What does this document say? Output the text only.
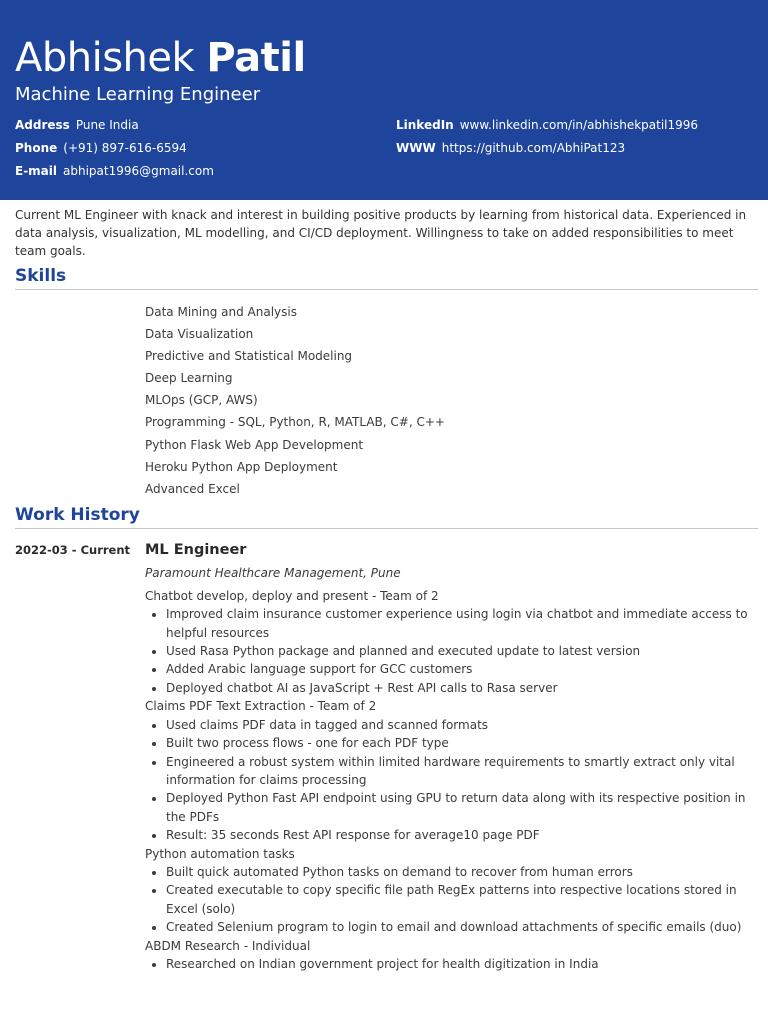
Abhishek Patil
Machine Learning Engineer
Address Pune India
Phone (+91) 897-616-6594
E-mail abhipat1996@gmail.com
LinkedIn www.linkedin.com/in/abhishekpatil1996
WWW https://github.com/AbhiPat123
Current ML Engineer with knack and interest in building positive products by learning from historical data. Experienced in data analysis, visualization, ML modelling, and CI/CD deployment. Willingness to take on added responsibilities to meet team goals.
Skills
Data Mining and Analysis
Data Visualization
Predictive and Statistical Modeling
Deep Learning
MLOps (GCP, AWS)
Programming - SQL, Python, R, MATLAB, C#, C++
Python Flask Web App Development
Heroku Python App Deployment
Advanced Excel
Work History
2022-03 - Current ML Engineer
Paramount Healthcare Management, Pune
Chatbot develop, deploy and present - Team of 2
• Improved claim insurance customer experience using login via chatbot and immediate access to helpful resources
• Used Rasa Python package and planned and executed update to latest version
• Added Arabic language support for GCC customers
• Deployed chatbot AI as JavaScript + Rest API calls to Rasa server
Claims PDF Text Extraction - Team of 2
• Used claims PDF data in tagged and scanned formats
• Built two process flows - one for each PDF type
• Engineered a robust system within limited hardware requirements to smartly extract only vital information for claims processing
• Deployed Python Fast API endpoint using GPU to return data along with its respective position in the PDFs
• Result: 35 seconds Rest API response for average10 page PDF
Python automation tasks
• Built quick automated Python tasks on demand to recover from human errors
• Created executable to copy specific file path RegEx patterns into respective locations stored in Excel (solo)
• Created Selenium program to login to email and download attachments of specific emails (duo)
ABDM Research - Individual
• Researched on Indian government project for health digitization in India
